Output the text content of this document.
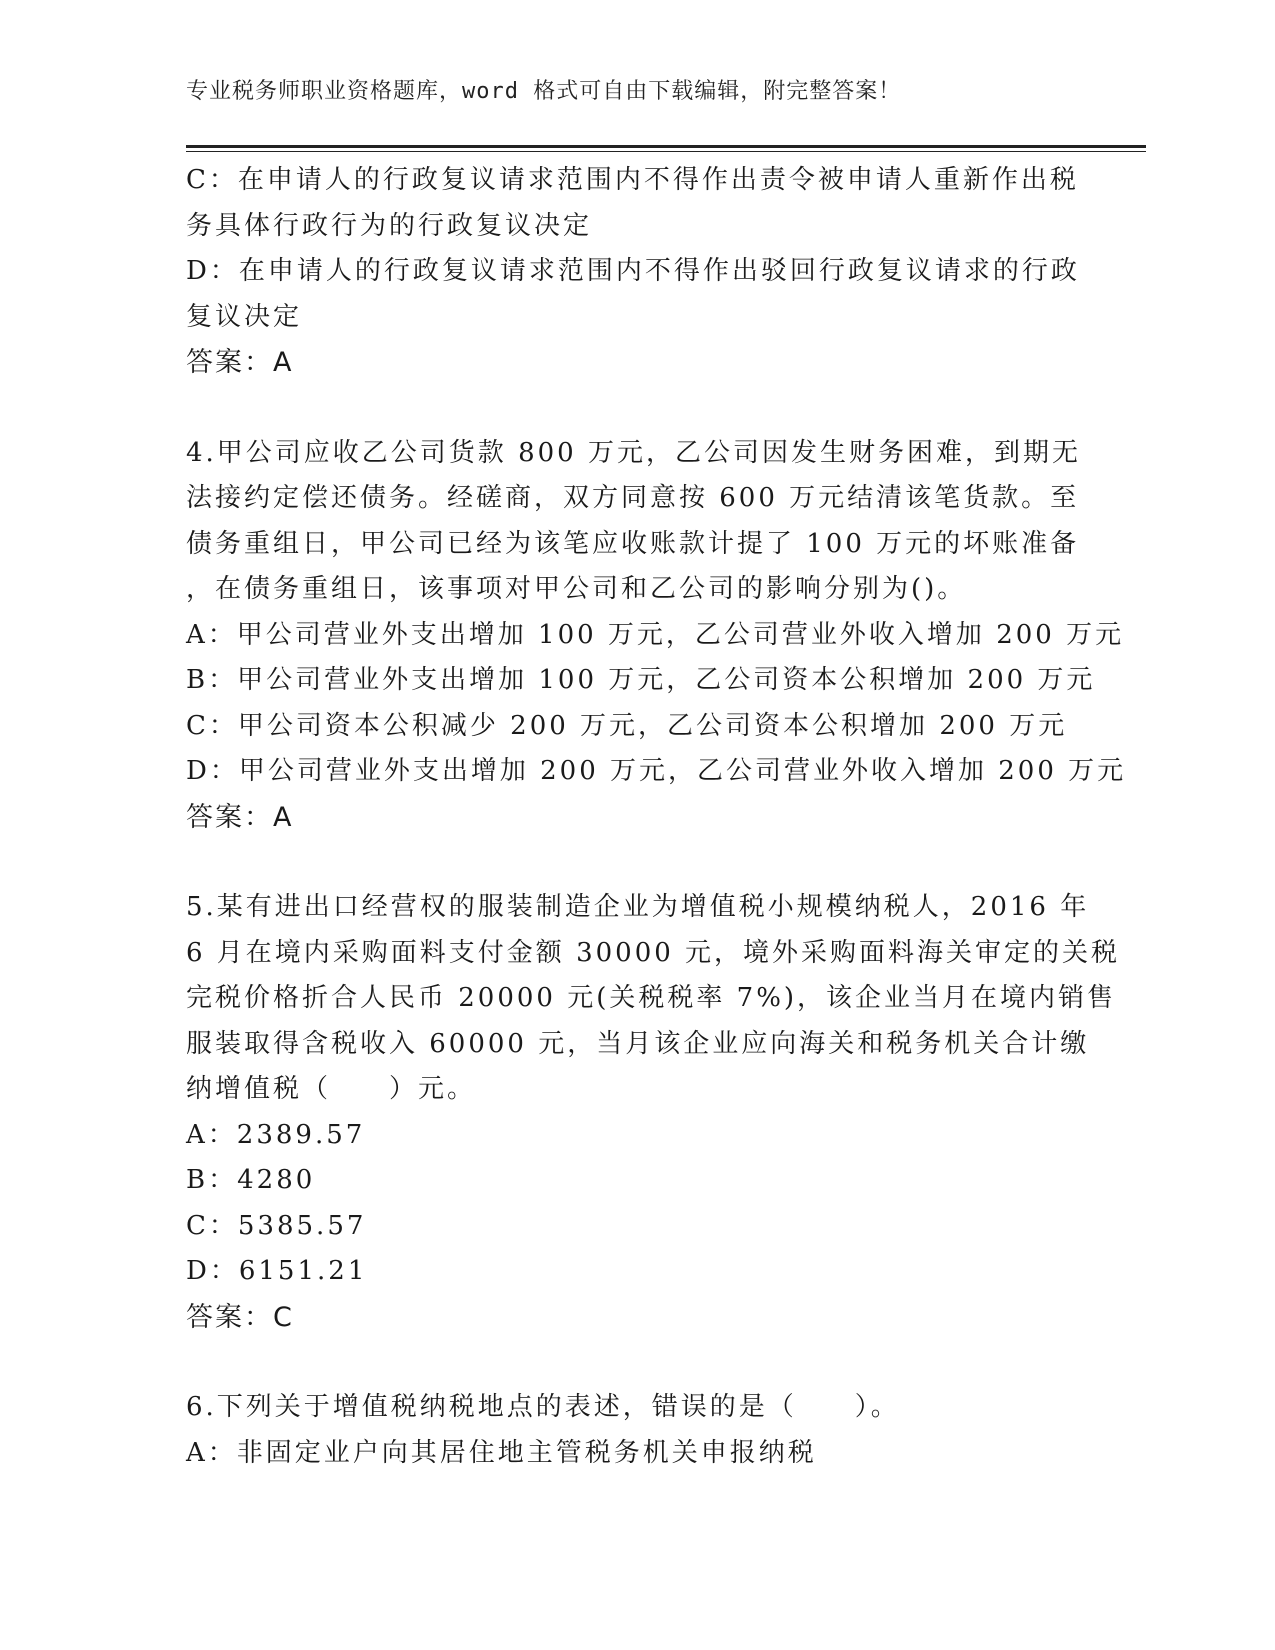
专业税务师职业资格题库，word 格式可自由下载编辑，附完整答案！
C：在申请人的行政复议请求范围内不得作出责令被申请人重新作出税
务具体行政行为的行政复议决定
D：在申请人的行政复议请求范围内不得作出驳回行政复议请求的行政
复议决定
答案：A
4.甲公司应收乙公司货款 800 万元，乙公司因发生财务困难，到期无
法接约定偿还债务。经磋商，双方同意按 600 万元结清该笔货款。至
债务重组日，甲公司已经为该笔应收账款计提了 100 万元的坏账准备
，在债务重组日，该事项对甲公司和乙公司的影响分别为()。
A：甲公司营业外支出增加 100 万元，乙公司营业外收入增加 200 万元
B：甲公司营业外支出增加 100 万元，乙公司资本公积增加 200 万元
C：甲公司资本公积减少 200 万元，乙公司资本公积增加 200 万元
D：甲公司营业外支出增加 200 万元，乙公司营业外收入增加 200 万元
答案：A
5.某有进出口经营权的服装制造企业为增值税小规模纳税人，2016 年
6 月在境内采购面料支付金额 30000 元，境外采购面料海关审定的关税
完税价格折合人民币 20000 元(关税税率 7%)，该企业当月在境内销售
服装取得含税收入 60000 元，当月该企业应向海关和税务机关合计缴
纳增值税（　　）元。
A：2389.57
B：4280
C：5385.57
D：6151.21
答案：C
6.下列关于增值税纳税地点的表述，错误的是（　　）。
A：非固定业户向其居住地主管税务机关申报纳税
